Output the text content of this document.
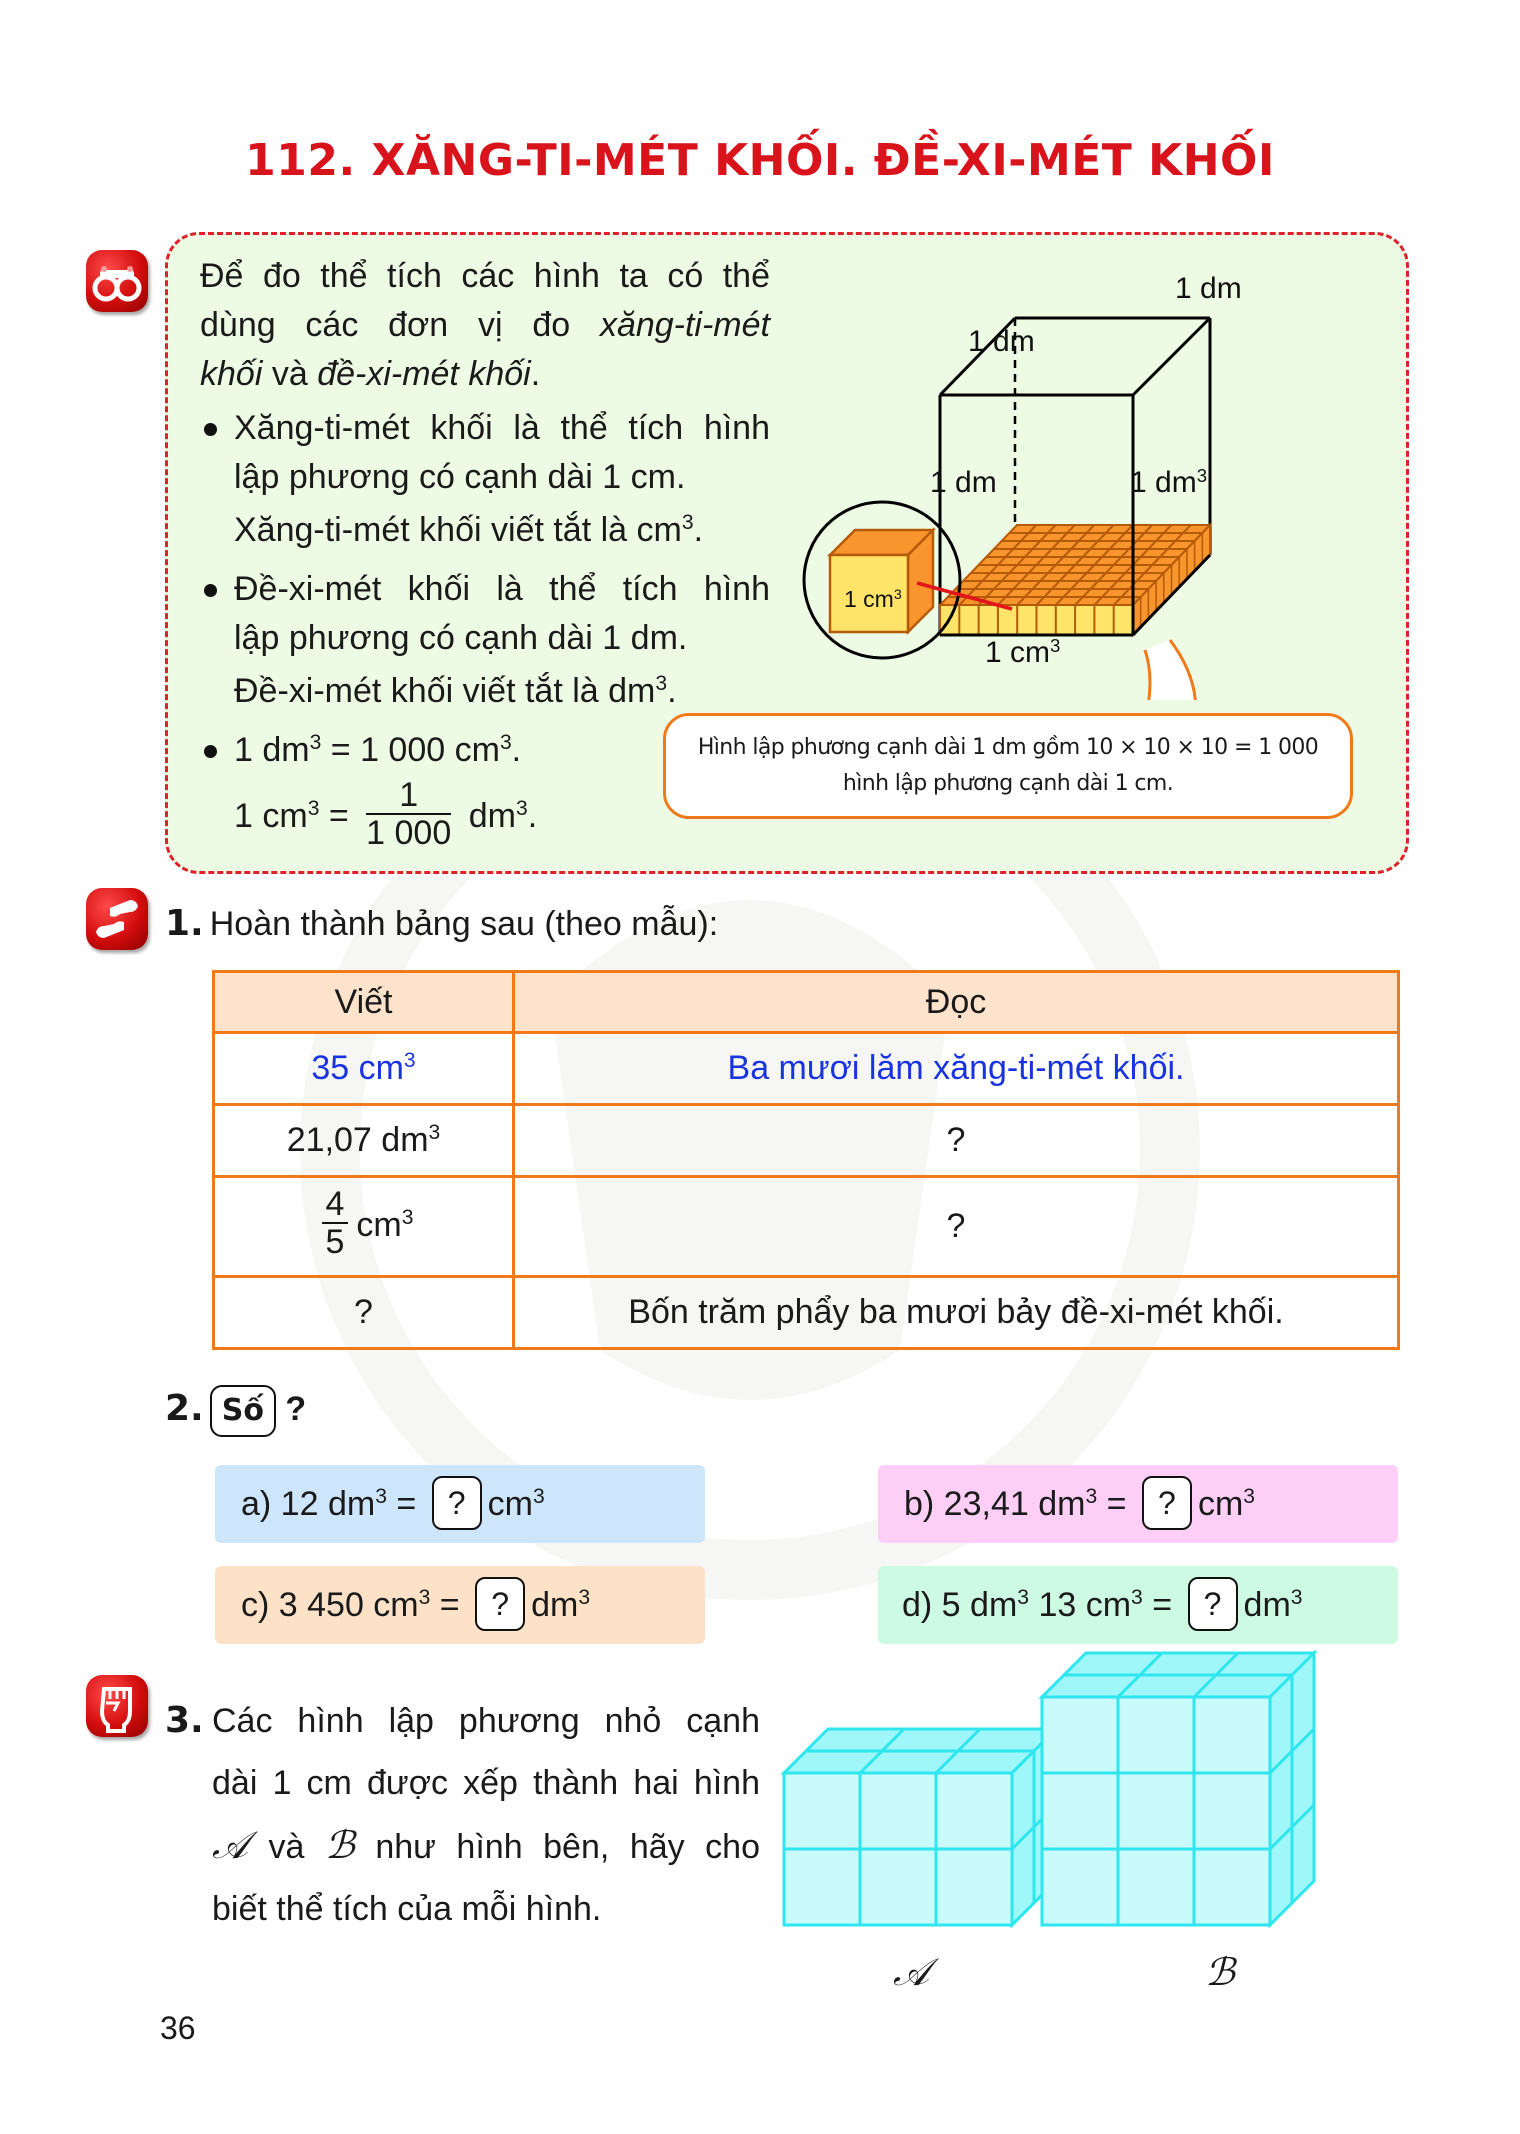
112. XĂNG-TI-MÉT KHỐI. ĐỀ-XI-MÉT KHỐI
Để đo thể tích các hình ta có thể
dùng các đơn vị đo xăng-ti-mét
khối và đề-xi-mét khối.
Xăng-ti-mét khối là thể tích hình
lập phương có cạnh dài 1 cm.
Xăng-ti-mét khối viết tắt là $cm^3$.
Đề-xi-mét khối là thể tích hình
lập phương có cạnh dài 1 dm.
Đề-xi-mét khối viết tắt là $dm^3$.
1 $dm^3 = 1$ 000 $cm^3$.
1 $cm^3 = \frac{1}{1 000} dm^3$.
1 dm
1 dm
1 dm	1 $dm^3$
1 $cm^3$
1 $cm^3$
Hình lập phương cạnh dài 1 dm gồm 10 × 10 × 10 = 1 000
hình lập phương cạnh dài 1 cm.
1. Hoàn thành bảng sau (theo mẫu):
Viết	Đọc
35 $cm^3$	Ba mươi lăm xăng-ti-mét khối.
21,07 $dm^3$	?

$\frac{4}{5} cm^3$	?
?	Bốn trăm phẩy ba mươi bảy đề-xi-mét khối.
2. Số ?
a) 12 $dm^3$ = ? $cm^3$	b) 23,41 $dm^3$ = ? $cm^3$
c) 3 450 $cm^3$ = ? $dm^3$	d) 5 $dm^3$ 13 $cm^3$ = ? $dm^3$
3. Các hình lập phương nhỏ cạnh
dài 1 cm được xếp thành hai hình
𝒜 và ℬ như hình bên, hãy cho
biết thể tích của mỗi hình.
𝒜	ℬ
36
